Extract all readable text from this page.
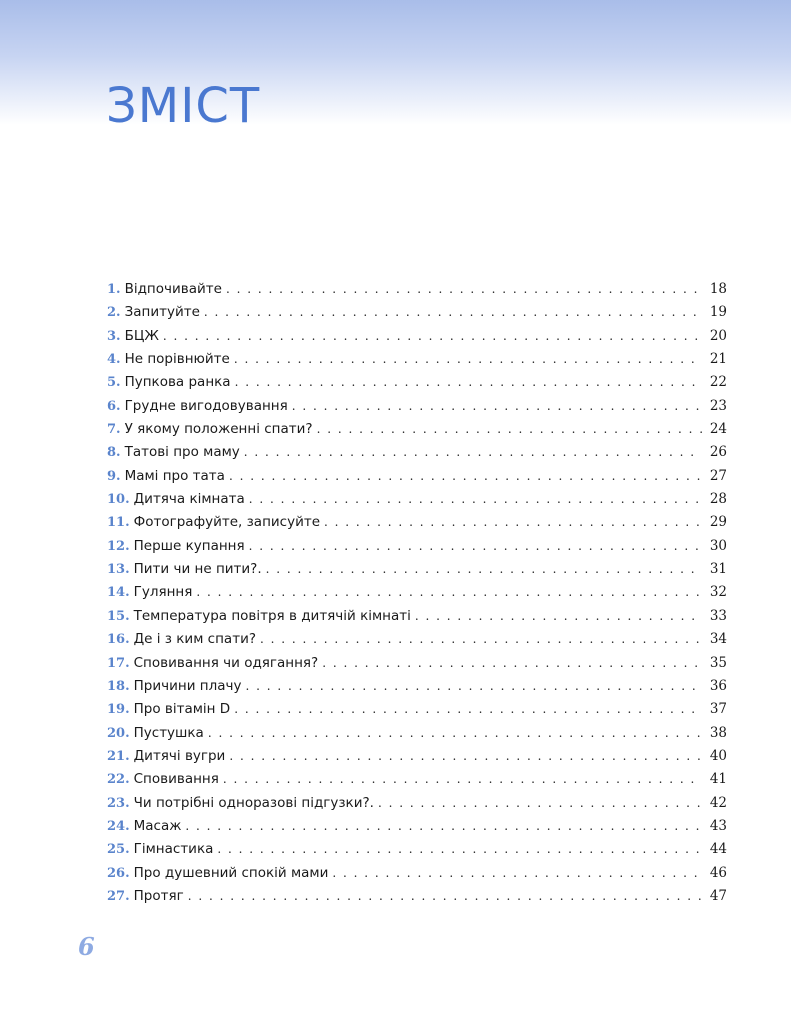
ЗМІСТ
1. Відпочивайте . . .	18
2. Запитуйте . . .	19
3. БЦЖ . . .	20
4. Не порівнюйте . . .	21
5. Пупкова ранка . . .	22
6. Грудне вигодовування . . .	23
7. У якому положенні спати? . . .	24
8. Татові про маму . . .	26
9. Мамі про тата . . .	27
10. Дитяча кімната . . .	28
11. Фотографуйте, записуйте . . .	29
12. Перше купання . . .	30
13. Пити чи не пити?. . . .	31
14. Гуляння . . .	32
15. Температура повітря в дитячій кімнаті . . .	33
16. Де і з ким спати? . . .	34
17. Сповивання чи одягання? . . .	35
18. Причини плачу . . .	36
19. Про вітамін D . . .	37
20. Пустушка . . .	38
21. Дитячі вугри . . .	40
22. Сповивання . . .	41
23. Чи потрібні одноразові підгузки?. . . .	42
24. Масаж . . .	43
25. Гімнастика . . .	44
26. Про душевний спокій мами . . .	46
27. Протяг . . .	47
6
